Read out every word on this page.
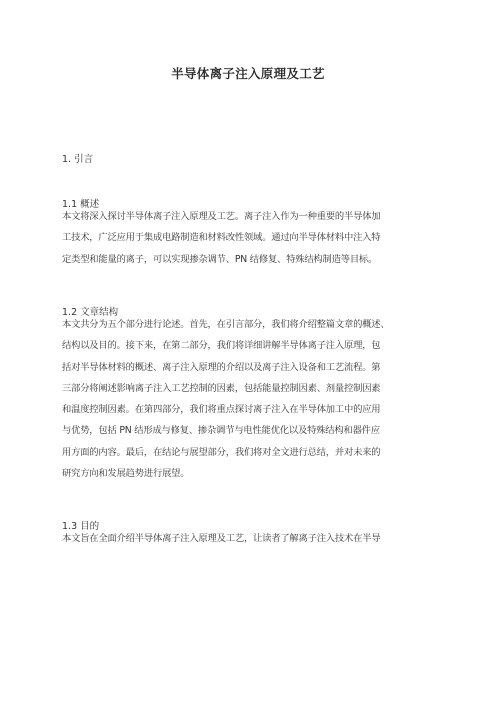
半导体离子注入原理及工艺
1. 引言
1.1 概述
本文将深入探讨半导体离子注入原理及工艺。离子注入作为一种重要的半导体加
工技术，广泛应用于集成电路制造和材料改性领域。通过向半导体材料中注入特
定类型和能量的离子，可以实现掺杂调节、PN 结修复、特殊结构制造等目标。
1.2 文章结构
本文共分为五个部分进行论述。首先，在引言部分，我们将介绍整篇文章的概述、
结构以及目的。接下来，在第二部分，我们将详细讲解半导体离子注入原理，包
括对半导体材料的概述、离子注入原理的介绍以及离子注入设备和工艺流程。第
三部分将阐述影响离子注入工艺控制的因素，包括能量控制因素、剂量控制因素
和温度控制因素。在第四部分，我们将重点探讨离子注入在半导体加工中的应用
与优势，包括 PN 结形成与修复、掺杂调节与电性能优化以及特殊结构和器件应
用方面的内容。最后，在结论与展望部分，我们将对全文进行总结，并对未来的
研究方向和发展趋势进行展望。
1.3 目的
本文旨在全面介绍半导体离子注入原理及工艺，让读者了解离子注入技术在半导
